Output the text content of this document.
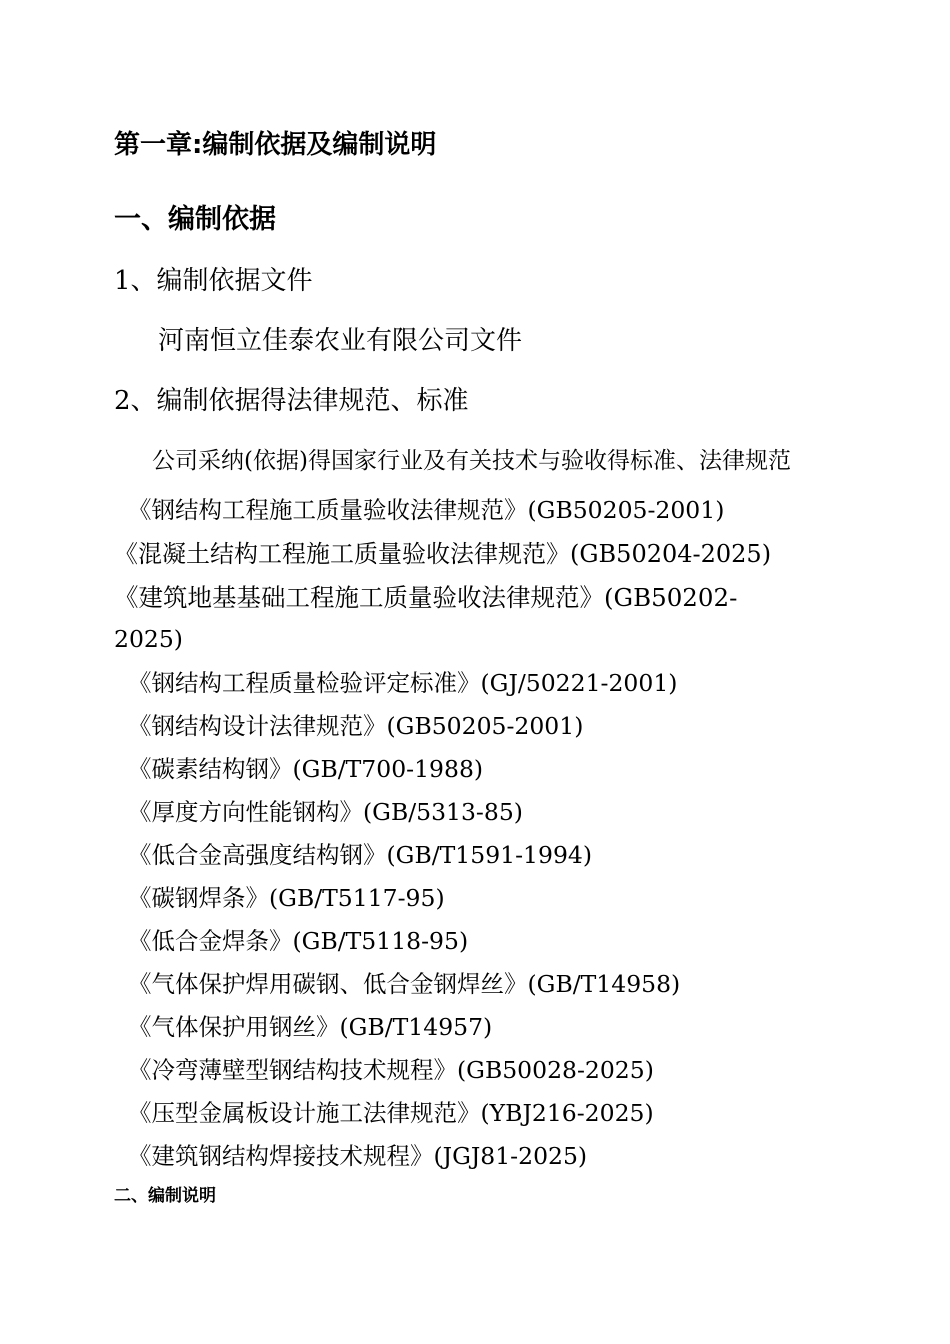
第一章:编制依据及编制说明
一、编制依据
1、编制依据文件
河南恒立佳泰农业有限公司文件
2、编制依据得法律规范、标准
公司采纳(依据)得国家行业及有关技术与验收得标准、法律规范
《钢结构工程施工质量验收法律规范》(GB50205-2001)
《混凝土结构工程施工质量验收法律规范》(GB50204-2025)
《建筑地基基础工程施工质量验收法律规范》(GB50202-
2025)
《钢结构工程质量检验评定标准》(GJ/50221-2001)
《钢结构设计法律规范》(GB50205-2001)
《碳素结构钢》(GB/T700-1988)
《厚度方向性能钢构》(GB/5313-85)
《低合金高强度结构钢》(GB/T1591-1994)
《碳钢焊条》(GB/T5117-95)
《低合金焊条》(GB/T5118-95)
《气体保护焊用碳钢、低合金钢焊丝》(GB/T14958)
《气体保护用钢丝》(GB/T14957)
《冷弯薄壁型钢结构技术规程》(GB50028-2025)
《压型金属板设计施工法律规范》(YBJ216-2025)
《建筑钢结构焊接技术规程》(JGJ81-2025)
二、编制说明
